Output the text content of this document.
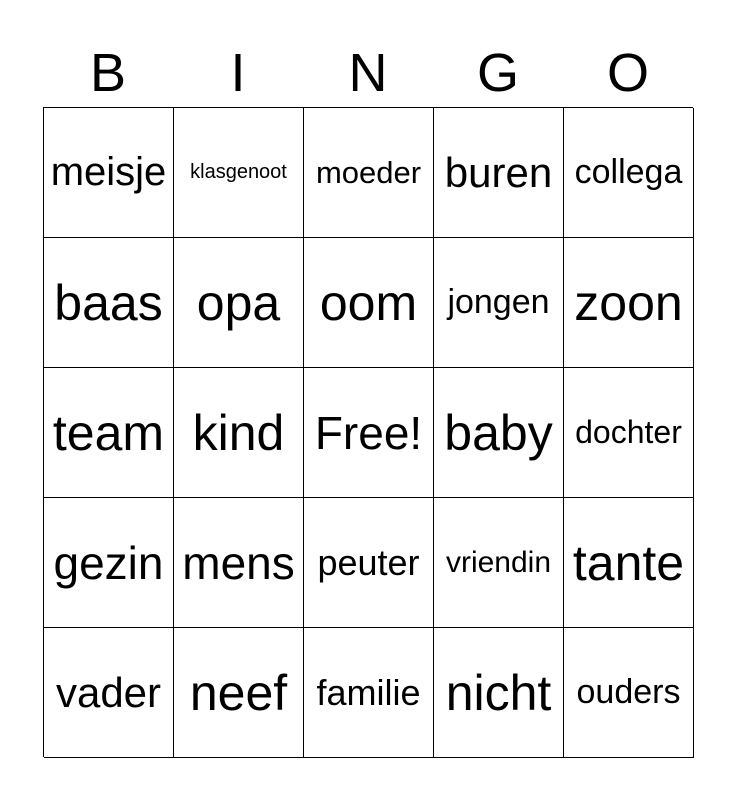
B	I	N	G	O
meisje	klasgenoot moeder buren collega
baas opa oom jongen zoon
team kind Free! baby dochter
gezin mens peuter vriendin tante
vader neef familie nicht ouders
